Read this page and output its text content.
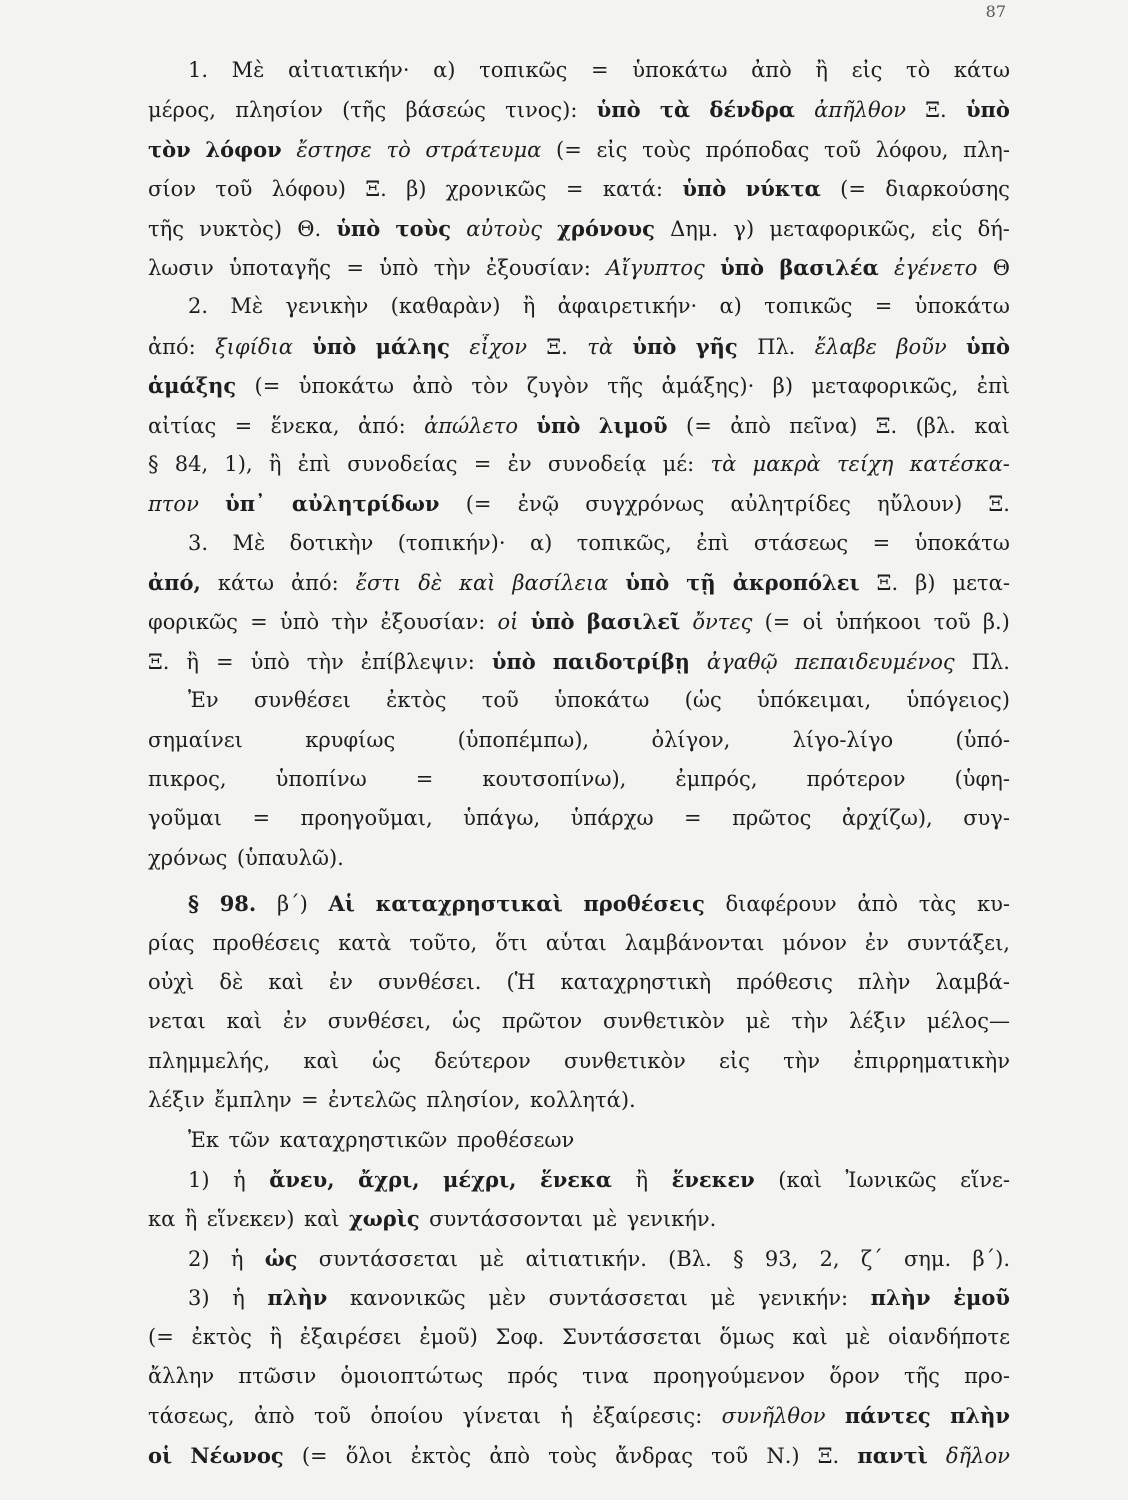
87
1. Μὲ αἰτιατικήν· α) τοπικῶς = ὑποκάτω ἀπὸ ἢ εἰς τὸ κάτω
μέρος, πλησίον (τῆς βάσεώς τινος): ὑπὸ τὰ δένδρα ἀπῆλθον Ξ. ὑπὸ
τὸν λόφον ἔστησε τὸ στράτευμα (= εἰς τοὺς πρόποδας τοῦ λόφου, πλη-
σίον τοῦ λόφου) Ξ. β) χρονικῶς = κατά: ὑπὸ νύκτα (= διαρκούσης
τῆς νυκτὸς) Θ. ὑπὸ τοὺς αὐτοὺς χρόνους Δημ. γ) μεταφορικῶς, εἰς δή-
λωσιν ὑποταγῆς = ὑπὸ τὴν ἐξουσίαν: Αἴγυπτος ὑπὸ βασιλέα ἐγένετο Θ
2. Μὲ γενικὴν (καθαρὰν) ἢ ἀφαιρετικήν· α) τοπικῶς = ὑποκάτω
ἀπό: ξιφίδια ὑπὸ μάλης εἶχον Ξ. τὰ ὑπὸ γῆς Πλ. ἔλαβε βοῦν ὑπὸ
ἁμάξης (= ὑποκάτω ἀπὸ τὸν ζυγὸν τῆς ἁμάξης)· β) μεταφορικῶς, ἐπὶ
αἰτίας = ἕνεκα, ἀπό: ἀπώλετο ὑπὸ λιμοῦ (= ἀπὸ πεῖνα) Ξ. (βλ. καὶ
§ 84, 1), ἢ ἐπὶ συνοδείας = ἐν συνοδείᾳ μέ: τὰ μακρὰ τείχη κατέσκα-
πτον ὑπ᾽ αὐλητρίδων (= ἐνῷ συγχρόνως αὐλητρίδες ηὔλουν) Ξ.
3. Μὲ δοτικὴν (τοπικήν)· α) τοπικῶς, ἐπὶ στάσεως = ὑποκάτω
ἀπό, κάτω ἀπό: ἔστι δὲ καὶ βασίλεια ὑπὸ τῇ ἀκροπόλει Ξ. β) μετα-
φορικῶς = ὑπὸ τὴν ἐξουσίαν: οἱ ὑπὸ βασιλεῖ ὄντες (= οἱ ὑπήκοοι τοῦ β.)
Ξ. ἢ = ὑπὸ τὴν ἐπίβλεψιν: ὑπὸ παιδοτρίβῃ ἀγαθῷ πεπαιδευμένος Πλ.
Ἐν συνθέσει ἐκτὸς τοῦ ὑποκάτω (ὡς ὑπόκειμαι, ὑπόγειος)
σημαίνει	κρυφίως	(ὑποπέμπω),	ὀλίγον,	λίγο-λίγο	(ὑπό-
πικρος, ὑποπίνω = κουτσοπίνω), ἐμπρός, πρότερον (ὑφη-
γοῦμαι = προηγοῦμαι, ὑπάγω, ὑπάρχω = πρῶτος ἀρχίζω), συγ-
χρόνως (ὑπαυλῶ).
§ 98. β´) Αἱ καταχρηστικαὶ προθέσεις διαφέρουν ἀπὸ τὰς κυ-
ρίας προθέσεις κατὰ τοῦτο, ὅτι αὗται λαμβάνονται μόνον ἐν συντάξει,
οὐχὶ δὲ καὶ ἐν συνθέσει. (Ἡ καταχρηστικὴ πρόθεσις πλὴν λαμβά-
νεται καὶ ἐν συνθέσει, ὡς πρῶτον συνθετικὸν μὲ τὴν λέξιν μέλος—
πλημμελής, καὶ ὡς δεύτερον συνθετικὸν εἰς τὴν ἐπιρρηματικὴν
λέξιν ἔμπλην = ἐντελῶς πλησίον, κολλητά).
Ἐκ τῶν καταχρηστικῶν προθέσεων
1) ἡ ἄνευ, ἄχρι, μέχρι, ἕνεκα ἢ ἕνεκεν (καὶ Ἰωνικῶς εἵνε-
κα ἢ εἵνεκεν) καὶ χωρὶς συντάσσονται μὲ γενικήν.
2) ἡ ὡς συντάσσεται μὲ αἰτιατικήν. (Βλ. § 93, 2, ζ´ σημ. β´).
3) ἡ πλὴν κανονικῶς μὲν συντάσσεται μὲ γενικήν: πλὴν ἐμοῦ
(= ἐκτὸς ἢ ἐξαιρέσει ἐμοῦ) Σοφ. Συντάσσεται ὅμως καὶ μὲ οἱανδήποτε
ἄλλην πτῶσιν ὁμοιοπτώτως πρός τινα προηγούμενον ὅρον τῆς προ-
τάσεως, ἀπὸ τοῦ ὁποίου γίνεται ἡ ἐξαίρεσις: συνῆλθον πάντες πλὴν
οἱ Νέωνος (= ὅλοι ἐκτὸς ἀπὸ τοὺς ἄνδρας τοῦ Ν.) Ξ. παντὶ δῆλον
